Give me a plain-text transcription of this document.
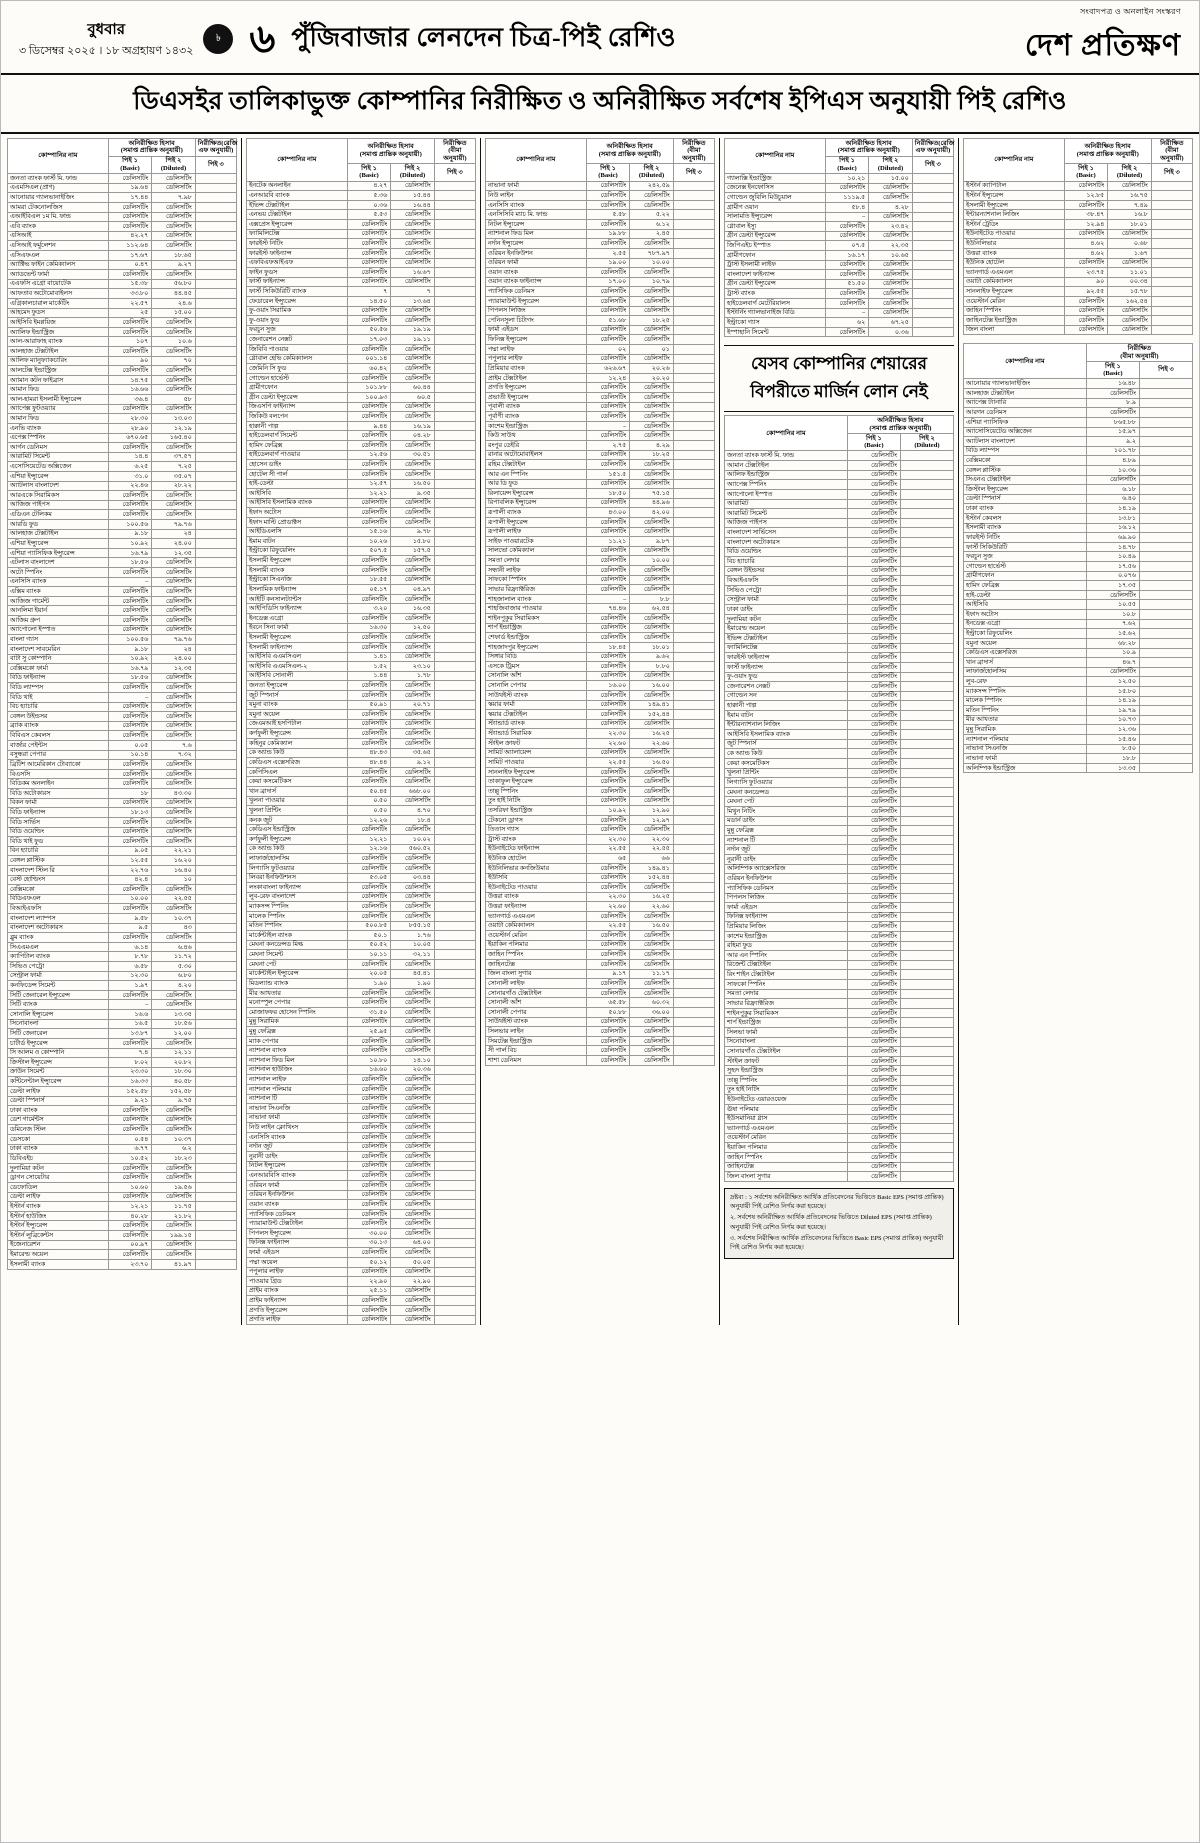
বুধবার
৩ ডিসেম্বর ২০২৫ । ১৮ অগ্রহায়ণ ১৪৩২
৳ ৬ পুঁজিবাজার লেনদেন চিত্র-পিই রেশিও
সংবাদপত্র ও অনলাইন সংস্করণ
দেশ প্রতিক্ষণ
ডিএসইর তালিকাভুক্ত কোম্পানির নিরীক্ষিত ও অনিরীক্ষিত সর্বশেষ ইপিএস অনুযায়ী পিই রেশিও
কোম্পানির নাম	অনিরীক্ষিত হিসাব
(সমাপ্ত প্রান্তিক অনুযায়ী)		নিরীক্ষিত(রেজি
এফ অনুযায়ী)
	পিই ১
(Basic)	পিই ২
(Diluted)	পিই ৩
জনতা ব্যাংক ফার্স্ট মি. ফান্ড	ডেলিসটিং	ডেলিসটিং	
এএমসিএল (প্রাণ)	১৯.৬৪	ডেলিসটিং	
আনোয়ার গ্যালভানাইজিং	১৭.৪৪	৭.৯৮	
আমরা টেকনোলজিস	ডেলিসটিং	ডেলিসটিং	
এআইবিএল ১ম মি. ফান্ড	ডেলিসটিং	ডেলিসটিং	
এবি ব্যাংক	ডেলিসটিং	ডেলিসটিং	
এসিআই	৪২.২৭	ডেলিসটিং	
এসিআই ফর্মুলেশন	১১২.৬৪	ডেলিসটিং	
এসিএফএল	১৭.৬৭	১৮.৬৫	
অ্যাক্টিভ ফাইন কেমিক্যালস	০.৪৭	৯.২৭	
অ্যাডভেন্ট ফার্মা	ডেলিসটিং	ডেলিসটিং	
এএফসি এগ্রো বায়োটেক	১৫.৩৮	৫৬.৮০	
আফতাব অটোমোবাইলস	৩৩.৮০	৪৪.৪৫	
এগ্রিকালচারাল মার্কেটিং	২২.৫৭	২৪.৬	
আহমেদ ফুডস	২৫	১৫.০০	
আইসিবি ইমপ্লয়িজ	ডেলিসটিং	ডেলিসটিং	
অ্যালিফ ইন্ডাস্ট্রিজ	ডেলিসটিং	ডেলিসটিং	
আল-আরাফাহ ব্যাংক	১০৭	১০.৬	
আলহাজ টেক্সটাইল	ডেলিসটিং	ডেলিসটিং	
আলিফ ম্যানুফ্যাকচারিং	৯০	৭০	
আলটেক্স ইন্ডাস্ট্রিজ	ডেলিসটিং	ডেলিসটিং	
অ্যামান কটন ফাইব্রাস	১৪.৭৫	ডেলিসটিং	
আমান ফিড	১৬.৬৬	ডেলিসটিং	
আল-হামরা ইসলামী ইন্স্যুরেন্স	৩৬.৪	৫৮	
অ্যাপেক্স ফুটওয়্যার	ডেলিসটিং	ডেলিসটিং	
আমান ফিড	২৮.৩০	১৩.০৩	
এনভি ব্যাংক	২৮.৯০	১২.১৯	
এপেক্স স্পিনিং	৬৭০.৬৫	১৬৫.৪০	
আর্গন ডেনিমস	ডেলিসটিং	ডেলিসটিং	
আরামিট সিমেন্ট	১৪.৪	৩৭.৫৭	
এসোসিয়েটেড অক্সিজেন	৬.২৫	৭.২৫	
এশিয়া ইন্স্যুরেন্স	৩১.০	৩৫.০৭	
অ্যাটলাস বাংলাদেশ	২২.৪৬	২৮.২২	
আরএকে সিরামিকস	ডেলিসটিং	ডেলিসটিং	
আজিজ পাইপস	ডেলিসটিং	ডেলিসটিং	
এডিএন টেলিকম	ডেলিসটিং	ডেলিসটিং	
আরডি ফুড	১০০.৫৬	৭৯.৭৬	
আলহাজ টেক্সটাইল	৯.১৮	২৪	
এশিয়া ইন্স্যুরেন্স	১০.৯২	২৪.০০	
এশিয়া প্যাসিফিক ইন্স্যুরেন্স	১৬.৭৯	১২.৩৫	
এটলাস বাংলাদেশ	১৮.৫৬	ডেলিসটিং	
অটো স্পিনিং	ডেলিসটিং	ডেলিসটিং	
এনসিসি ব্যাংক	–	ডেলিসটিং	
এক্সিম ব্যাংক	ডেলিসটিং	ডেলিসটিং	
আজিজ গার্মেন্ট	ডেলিসটিং	ডেলিসটিং	
আনলিমা ইয়ার্ন	ডেলিসটিং	ডেলিসটিং	
আজিম গ্রুপ	ডেলিসটিং	ডেলিসটিং	
অ্যাপোলো ইস্পাত	ডেলিসটিং	ডেলিসটিং	
বাংলা গ্যাস	১০০.৫৬	৭৯.৭৬	
বাংলাদেশ সাবমেরিন	৯.১৮	২৪	
বাটা সু কোম্পানি	১০.৯২	২৪.০০	
বেক্সিমকো ফার্মা	১৬.৭৯	১২.৩৫	
বিডি ফাইন্যান্স	১৮.৫৬	ডেলিসটিং	
বিডি ল্যাম্পস	ডেলিসটিং	ডেলিসটিং	
বিডি থাই	–	ডেলিসটিং	
বিচ হ্যাচারি	ডেলিসটিং	ডেলিসটিং	
বেঙ্গল উইন্ডসর	ডেলিসটিং	ডেলিসটিং	
ব্র্যাক ব্যাংক	ডেলিসটিং	ডেলিসটিং	
বিবিএস কেবলস	ডেলিসটিং	ডেলিসটিং	
বার্জার পেইন্টস	০.০৫	৭.৬	
বসুন্ধরা পেপার	১০.১৪	৭.৩২	
ব্রিটিশ আমেরিকান টোব্যাকো	ডেলিসটিং	ডেলিসটিং	
বিএসসি	ডেলিসটিং	ডেলিসটিং	
বিডিকম অনলাইন	ডেলিসটিং	ডেলিসটিং	
বিডি অটোকারস	১৮	৪৩.৩০	
বিকন ফার্মা	ডেলিসটিং	ডেলিসটিং	
বিডি ফাইন্যান্স	১৮.১৩	ডেলিসটিং	
বিডি সার্ভিস	ডেলিসটিং	ডেলিসটিং	
বিডি ওয়েল্ডিং	ডেলিসটিং	ডেলিসটিং	
বিডি থাই ফুড	ডেলিসটিং	ডেলিসটিং	
বিন হ্যাচারি	৯.০৫	২২.২১	
বেঙ্গল প্লাস্টিক	১২.৫৫	১৬.২০	
বাংলাদেশ স্টিল রি	২২.৭৬	১৬.৪০	
বেস্ট হোল্ডিংস	৪২.৪	১০	
বেক্সিমকো	ডেলিসটিং	ডেলিসটিং	
বিডিএফএল	১০.০০	২২.৫৫	
বিআইএফসি	ডেলিসটিং	ডেলিসটিং	
বাংলাদেশ ল্যাম্পস	৯.৫৮	১০.৩৭	
বাংলাদেশ অটোকারস	৯.৫	৪৩	
ব্লুম ব্যাংক	ডেলিসটিং	ডেলিসটিং	
সিএএমএল	৬.১৪	৬.৪৬	
ক্যাপিটাল ব্যাংক	৮.৭৮	১১.৭২	
সিভিও পেট্রো	৬.৫৮	৫.৩০	
সেন্ট্রাল ফার্মা	১২.৩০	৬.৮০	
কনফিডেন্স সিমেন্ট	১.৯৭	৪.২০	
সিটি জেনারেল ইন্স্যুরেন্স	ডেলিসটিং	ডেলিসটিং	
সিটি ব্যাংক	–	ডেলিসটিং	
সোনালি ইন্স্যুরেন্স	১৬.৬	১৩.৩৫	
সিনোবাংলা	১৬.৫	১৮.৫৬	
সিটি জেনারেল	১৩.৮৭	১২.০০	
চার্টার্ড ইন্স্যুরেন্স	ডেলিসটিং	ডেলিসটিং	
সি আলম ও কোম্পানি	৭.৪	১২.১১	
ক্রিস্টাল ইন্স্যুরেন্স	৮.০২	২০.৮২	
ক্রাউন সিমেন্ট	২৩.৩০	১৮.৩০	
কন্টিনেন্টাল ইন্স্যুরেন্স	১৬.৩৩	৪০.৫৮	
ডেল্টা লাইফ	১৫২.৫৮	১৫২.৫৮	
ডেল্টা স্পিনার্স	৯.২১	৯.৭৫	
ঢাকা ব্যাংক	ডেলিসটিং	ডেলিসটিং	
ডেশ গার্মেন্টস	ডেলিসটিং	ডেলিসটিং	
ডমিনেজ স্টিল	ডেলিসটিং	ডেলিসটিং	
ডেসকো	০.৫৪	১০.৩৭	
ঢাকা ব্যাংক	৬.৭৭	৬.২	
ডিবিএইচ	১০.৫২	১৮.২৩	
দুলামিয়া কটন	ডেলিসটিং	ডেলিসটিং	
ড্রাগন সোয়েটার	ডেলিসটিং	ডেলিসটিং	
ডেফোডিল	১০.৬০	১৯.৫৬	
ডেল্টা লাইফ	ডেলিসটিং	ডেলিসটিং	
ইস্টার্ন ব্যাংক	১২.২১	১১.৭৫	
ইস্টার্ন হাউজিং	৪০.২৮	২১.৮২	
ইস্টার্ন ইন্স্যুরেন্স	ডেলিসটিং	ডেলিসটিং	
ইস্টার্ন লুব্রিকেন্টস	ডেলিসটিং	১৯৯.১৫	
ইজেনারেশন	০০.৯৭	ডেলিসটিং	
ইমারেল্ড অয়েল	ডেলিসটিং	ডেলিসটিং	
ইসলামী ব্যাংক	২৩.৭০	৪১.৯৭	
কোম্পানির নাম	অনিরীক্ষিত হিসাব
(সমাপ্ত প্রান্তিক অনুযায়ী)		নিরীক্ষিত
(বীমা অনুযায়ী)
	পিই ১
(Basic)	পিই ২
(Diluted)	পিই ৩
ইনটেক অনলাইন	৪.২৭	ডেলিসটিং	
এনআরবি ব্যাংক	৫.৩৬	১৫.৪৪	
ইভিন্স টেক্সটাইল	০.৩৬	১৬.৪৪	
এনভয় টেক্সটাইল	৫.৫৩	ডেলিসটিং	
এক্সপ্রেস ইন্স্যুরেন্স	ডেলিসটিং	ডেলিসটিং	
ফ্যামিলিটেক্স	ডেলিসটিং	ডেলিসটিং	
ফারইস্ট নিটিং	ডেলিসটিং	ডেলিসটিং	
ফারইস্ট ফাইন্যান্স	ডেলিসটিং	ডেলিসটিং	
এফবিএফআইএফ	ডেলিসটিং	ডেলিসটিং	
ফাইন ফুডস	ডেলিসটিং	১৬.৬৭	
ফার্স্ট ফাইন্যান্স	ডেলিসটিং	ডেলিসটিং	
ফার্স্ট সিকিউরিটি ব্যাংক	৭	৭	
ফেডারেল ইন্স্যুরেন্স	১৪.৫০	১৩.৬৪	
ফু-ওয়াং সিরামিক	ডেলিসটিং	ডেলিসটিং	
ফু-ওয়াং ফুড	ডেলিসটিং	ডেলিসটিং	
ফরচুন সুজ	৫০.৫৬	১৯.১৯	
জেনারেশন নেক্সট	১৭.০৩	১৯.১১	
জিবিবি পাওয়ার	ডেলিসটিং	ডেলিসটিং	
গ্লোবাল হেভি কেমিক্যালস	০০১.১৪	ডেলিসটিং	
জেমিনি সি ফুড	৬০.৪২	ডেলিসটিং	
গোল্ডেন হার্ভেস্ট	ডেলিসটিং	ডেলিসটিং	
গ্রামীণফোন	১০১.৮৮	৬০.৪৪	
গ্রীন ডেল্টা ইন্স্যুরেন্স	১০০.৯৩	৬০.৫	
জিএসপি ফাইন্যান্স	ডেলিসটিং	ডেলিসটিং	
জিকিউ বলপেন	ডেলিসটিং	ডেলিসটিং	
হাক্কানী পাল্প	৯.৪৪	১৬.১৯	
হাইডেলবার্গ সিমেন্ট	ডেলিসটিং	০৪.২৮	
হামিদ ফেব্রিক্স	ডেলিসটিং	ডেলিসটিং	
হাইডেলবার্গ পাওয়ার	১২.৫৬	৩০.৫১	
হোসেন ডাইং	ডেলিসটিং	ডেলিসটিং	
হোটেল সী পার্ল	ডেলিসটিং	ডেলিসটিং	
হাই-ডেল্টা	১২.৫৭	১৬.৫০	
আইসিবি	১২.২১	৯.৩৫	
আইসিবি ইসলামিক ব্যাংক	ডেলিসটিং	ডেলিসটিং	
ইফাদ অটোস	ডেলিসটিং	ডেলিসটিং	
ইফাদ মাল্টি প্রোডাক্টস	ডেলিসটিং	ডেলিসটিং	
আইডিএলসি	১৫.১৬	৯.৭৮	
ইমাম বাটন	১০.২৬	১৫.৮০	
ইন্ট্রাকো রিফুয়েলিং	৫০৭.৫	১৫৭.৫	
ইসলামী ইন্স্যুরেন্স	ডেলিসটিং	ডেলিসটিং	
ইসলামী ব্যাংক	ডেলিসটিং	ডেলিসটিং	
ইন্ট্রাকো সিএনজি	১৮.৫৫	ডেলিসটিং	
ইসলামিক ফাইন্যান্স	০৫.১৭	০৪.৯৭	
আইটি কনসালট্যান্টস	ডেলিসটিং	ডেলিসটিং	
আইপিডিসি ফাইন্যান্স	৩.২০	১৬.৩৫	
ইনডেক্স এগ্রো	ডেলিসটিং	ডেলিসটিং	
ইবনে সিনা ফার্মা	১৬.৩০	১২.৫০	
ইসলামী ইন্স্যুরেন্স	ডেলিসটিং	ডেলিসটিং	
ইসলামী ফাইন্যান্স	ডেলিসটিং	ডেলিসটিং	
আইসিবি এএমসিএল	১.৪১	ডেলিসটিং	
আইসিবি এএমসিএল-২	১.৫২	২৩.১০	
আইসিবি সোনালী	১.৪৪	১.৭৮	
জনতা ইন্স্যুরেন্স	ডেলিসটিং	ডেলিসটিং	
জুট স্পিনার্স	ডেলিসটিং	ডেলিসটিং	
যমুনা ব্যাংক	৫০.৯১	২০.৭১	
যমুনা অয়েল	ডেলিসটিং	ডেলিসটিং	
জেএমআই হসপিটাল	ডেলিসটিং	ডেলিসটিং	
কর্ণফুলী ইন্স্যুরেন্স	ডেলিসটিং	ডেলিসটিং	
কহিনুর কেমিক্যাল	ডেলিসটিং	ডেলিসটিং	
কে অ্যান্ড কিউ	৪৮.৪৩	৩৫.৬৫	
কেডিএস এক্সেসরিজ	৪৮.৪৪	৯.১২	
কেপিসিএল	ডেলিসটিং	ডেলিসটিং	
কেয়া কসমেটিকস	ডেলিসটিং	ডেলিসটিং	
খান ব্রাদার্স	৫০.৪৫	৬৬৮.০০	
খুলনা পাওয়ার	০.৫০	ডেলিসটিং	
খুলনা প্রিন্টিং	০.৫০	৪.৭০	
কনক জুট	১২.২৬	১৮.৪	
কেডিএস ইন্ডাস্ট্রিজ	ডেলিসটিং	ডেলিসটিং	
কর্ণফুলী ইন্স্যুরেন্স	১২.২১	১০.০২	
কে অ্যান্ড কিউ	১২.১৬	৫৬০.৫২	
লাফার্জহোলসিম	ডেলিসটিং	ডেলিসটিং	
লিগ্যাসি ফুটওয়্যার	ডেলিসটিং	ডেলিসটিং	
লিবরা ইনফিউশনস	৫৩.০৫	০৩.৪৪	
লংকাবাংলা ফাইন্যান্স	ডেলিসটিং	ডেলিসটিং	
লুব-রেফ বাংলাদেশ	ডেলিসটিং	ডেলিসটিং	
ম্যাকসন্স স্পিনিং	ডেলিসটিং	ডেলিসটিং	
মালেক স্পিনিং	ডেলিসটিং	ডেলিসটিং	
মতিন স্পিনিং	৫০০.৮৫	৮৫৫.১৫	
মার্কেন্টাইল ব্যাংক	৫০.১	১.৭৬	
মেঘনা কনডেন্সড মিল্ক	৫০.৫২	১০.০৫	
মেঘনা সিমেন্ট	১০.১১	৩২.১১	
মেঘনা পেট	ডেলিসটিং	ডেলিসটিং	
মার্কেন্টাইল ইন্স্যুরেন্স	২০.০৫	৪৫.৪১	
মিডল্যান্ড ব্যাংক	১.৯০	১.৯০	
মীর আখতার	ডেলিসটিং	ডেলিসটিং	
মনোস্পুল পেপার	ডেলিসটিং	ডেলিসটিং	
মোজাফফর হোসেন স্পিনিং	৩১.৫০	ডেলিসটিং	
মুন্নু সিরামিক	ডেলিসটিং	ডেলিসটিং	
মুন্নু ফেব্রিক্স	২৫.৯৫	ডেলিসটিং	
ম্যাক পেপার	ডেলিসটিং	ডেলিসটিং	
ন্যাশনাল ব্যাংক	ডেলিসটিং	ডেলিসটিং	
ন্যাশনাল ফিড মিল	১০.৮০	১৪.১০	
ন্যাশনাল হাউজিং	১৬.৬০	২০.৩৬	
ন্যাশনাল লাইফ	ডেলিসটিং	ডেলিসটিং	
ন্যাশনাল পলিমার	ডেলিসটিং	ডেলিসটিং	
ন্যাশনাল টি	ডেলিসটিং	ডেলিসটিং	
নাভানা সিএনজি	ডেলিসটিং	ডেলিসটিং	
নাভানা ফার্মা	ডেলিসটিং	ডেলিসটিং	
নিউ লাইন ক্লোথিংস	ডেলিসটিং	ডেলিসটিং	
এনসিসি ব্যাংক	ডেলিসটিং	ডেলিসটিং	
নর্দান জুট	ডেলিসটিং	ডেলিসটিং	
নুরানী ডাইং	ডেলিসটিং	ডেলিসটিং	
নিটল ইন্স্যুরেন্স	ডেলিসটিং	ডেলিসটিং	
এনআরবিসি ব্যাংক	ডেলিসটিং	ডেলিসটিং	
ওরিয়ন ফার্মা	ডেলিসটিং	ডেলিসটিং	
ওরিয়ন ইনফিউশন	ডেলিসটিং	ডেলিসটিং	
ওয়ান ব্যাংক	ডেলিসটিং	ডেলিসটিং	
প্যাসিফিক ডেনিমস	ডেলিসটিং	ডেলিসটিং	
প্যারামাউন্ট টেক্সটাইল	ডেলিসটিং	ডেলিসটিং	
পিপলস ইন্স্যুরেন্স	৩০.০০	ডেলিসটিং	
ফিনিক্স ফাইন্যান্স	৩০.১৩	৬৪.০০	
ফার্মা এইডস	ডেলিসটিং	ডেলিসটিং	
পদ্মা অয়েল	৫০.১২	৫০.০৫	
পপুলার লাইফ	ডেলিসটিং	ডেলিসটিং	
পাওয়ার গ্রিড	২২.৯০	২২.৯০	
প্রাইম ব্যাংক	২৫.১১	ডেলিসটিং	
প্রাইম ফাইন্যান্স	ডেলিসটিং	ডেলিসটিং	
প্রগতি ইন্স্যুরেন্স	ডেলিসটিং	ডেলিসটিং	
প্রগতি লাইফ	ডেলিসটিং	ডেলিসটিং	
কোম্পানির নাম	অনিরীক্ষিত হিসাব
(সমাপ্ত প্রান্তিক অনুযায়ী)		নিরীক্ষিত
(বীমা অনুযায়ী)
	পিই ১
(Basic)	পিই ২
(Diluted)	পিই ৩
নাভানা ফার্মা	ডেলিসটিং	২৪২.৫৯	
নিউ লাইন	ডেলিসটিং	ডেলিসটিং	
এনসিসি ব্যাংক	ডেলিসটিং	ডেলিসটিং	
এনসিসিবি ম্যাচ মি. ফান্ড	৫.৫৮	৫.২২	
নিটল ইন্স্যুরেন্স	ডেলিসটিং	৬.১২	
ন্যাশনাল ফিড মিল	১৯.৮৮	২.৪৫	
নর্দান ইন্স্যুরেন্স	ডেলিসটিং	ডেলিসটিং	
ওরিয়ন ইনফিউশন	২.৫৫	৭৮৭.৯৭	
ওরিয়ন ফার্মা	১৯.০০	১০.০০	
ওয়ান ব্যাংক	ডেলিসটিং	ডেলিসটিং	
ওয়ান ব্যাংক ফাইন্যান্স	১৭.০০	১০.৭৯	
প্যাসিফিক ডেনিমস	ডেলিসটিং	ডেলিসটিং	
প্যারামাউন্ট ইন্স্যুরেন্স	ডেলিসটিং	ডেলিসটিং	
পিপলস লিজিং	ডেলিসটিং	ডেলিসটিং	
পেনিনসুলা চিটাগং	৫১.৬৮	১৮.২৫	
ফার্মা এইডস	ডেলিসটিং	ডেলিসটিং	
ফিনিক্স ইন্স্যুরেন্স	ডেলিসটিং	ডেলিসটিং	
পদ্মা লাইফ	০২	০১	
পপুলার লাইফ	ডেলিসটিং	ডেলিসটিং	
প্রিমিয়ার ব্যাংক	৬২৬.৬৭	২০.২৬	
প্রাইম টেক্সটাইল	১২.২৪	২০.২০	
প্রগতি ইন্স্যুরেন্স	ডেলিসটিং	ডেলিসটিং	
প্রভাতী ইন্স্যুরেন্স	ডেলিসটিং	ডেলিসটিং	
পূবালী ব্যাংক	ডেলিসটিং	ডেলিসটিং	
পূর্বাণী ব্যাংক	ডেলিসটিং	ডেলিসটিং	
কাশেম ইন্ডাস্ট্রিজ	–	ডেলিসটিং	
কিউ সাউথ	ডেলিসটিং	ডেলিসটিং	
রংপুর ডেইরি	২.৭৫	৪.২৯	
রানার অটোমোবাইলস	ডেলিসটিং	১৮.২৫	
রহিম টেক্সটাইল	ডেলিসটিং	ডেলিসটিং	
আর এন স্পিনিং	১৫১.৫	ডেলিসটিং	
আর ডি ফুড	ডেলিসটিং	ডেলিসটিং	
রিলায়েন্স ইন্স্যুরেন্স	১৮.৫০	৭৫.১৫	
রিপাবলিক ইন্স্যুরেন্স	ডেলিসটিং	৪৪.৯৬	
রূপালী ব্যাংক	৪৩.০০	৪২.০০	
রূপালী ইন্স্যুরেন্স	ডেলিসটিং	ডেলিসটিং	
রূপালী লাইফ	ডেলিসটিং	ডেলিসটিং	
সাইফ পাওয়ারটেক	১১.২১	৯.৮৭	
সালভো কেমিক্যাল	ডেলিসটিং	ডেলিসটিং	
সমতা লেদার	ডেলিসটিং	১০.০০	
সন্ধানী লাইফ	ডেলিসটিং	ডেলিসটিং	
সাফকো স্পিনিং	ডেলিসটিং	ডেলিসটিং	
সাভার রিফ্র্যাক্টরিজ	ডেলিসটিং	ডেলিসটিং	
শাহজালাল ব্যাংক	–	৮.৮	
শাহজিবাজার পাওয়ার	৭৪.৪৬	৬২.৫৪	
শাইনপুকুর সিরামিকস	ডেলিসটিং	ডেলিসটিং	
শার্প ইন্ডাস্ট্রিজ	ডেলিসটিং	ডেলিসটিং	
শেফার্ড ইন্ডাস্ট্রিজ	ডেলিসটিং	ডেলিসটিং	
শাহজাদপুর ইন্স্যুরেন্স	১৮.৪৫	১৮.০১	
সিঙ্গার বিডি	ডেলিসটিং	৯.৬২	
এসকে ট্রিমস	ডেলিসটিং	৮.৮০	
সোনালি আঁশ	ডেলিসটিং	ডেলিসটিং	
সোনালি পেপার	১৬.০০	১৬.০০	
সাউথইস্ট ব্যাংক	ডেলিসটিং	ডেলিসটিং	
স্কয়ার ফার্মা	ডেলিসটিং	১৪৯.৪১	
স্কয়ার টেক্সটাইল	ডেলিসটিং	১৫২.৪৪	
স্ট্যান্ডার্ড ব্যাংক	ডেলিসটিং	ডেলিসটিং	
স্ট্যান্ডার্ড সিরামিক	২২.৩০	১৬.২৫	
স্টাইল ক্রাফট	২২.৬০	২২.৬০	
সামিট অ্যালায়েন্স	ডেলিসটিং	ডেলিসটিং	
সামিট পাওয়ার	২২.৫৫	১৬.৫০	
সানলাইফ ইন্স্যুরেন্স	ডেলিসটিং	ডেলিসটিং	
তাকাফুল ইন্স্যুরেন্স	ডেলিসটিং	ডেলিসটিং	
তাল্লু স্পিনিং	ডেলিসটিং	ডেলিসটিং	
তুং হাই নিটিং	ডেলিসটিং	ডেলিসটিং	
তসরিফা ইন্ডাস্ট্রিজ	১০.৯২	১২.৯০	
টেকনো ড্রাগস	ডেলিসটিং	১২.৯৭	
তিতাস গ্যাস	ডেলিসটিং	ডেলিসটিং	
ট্রাস্ট ব্যাংক	২২.৩০	২২.৩০	
ইউনাইটেড ফাইন্যান্স	২২.৫৫	২২.৫৫	
ইউনিক হোটেল	৬৫	৬৬	
ইউনিলিভার কনজিউমার	ডেলিসটিং	১৪৯.৪১	
ইউসিবি	ডেলিসটিং	১৫২.৪৪	
ইউনাইটেড পাওয়ার	ডেলিসটিং	ডেলিসটিং	
উত্তরা ব্যাংক	২২.৩০	১৬.২৫	
উত্তরা ফাইন্যান্স	২২.৬০	২২.৬০	
ভ্যানগার্ড এএমএল	ডেলিসটিং	ডেলিসটিং	
ওয়াটা কেমিক্যালস	২২.৫৫	১৬.৫০	
ওয়েস্টার্ন মেরিন	ডেলিসটিং	ডেলিসটিং	
ইয়াকিন পলিমার	ডেলিসটিং	ডেলিসটিং	
জাহিন স্পিনিং	ডেলিসটিং	ডেলিসটিং	
জাহিনটেক্স	ডেলিসটিং	ডেলিসটিং	
জিল বাংলা সুগার	৯.১৭	১১.১৭	
সোনালী লাইফ	ডেলিসটিং	ডেলিসটিং	
সোনারগাঁও টেক্সটাইল	ডেলিসটিং	ডেলিসটিং	
সোনালী আঁশ	৬৫.৫৮	৬০.৩২	
সোনালী পেপার	৫০.৮৮	৩৬.০০	
সাউথইস্ট ব্যাংক	ডেলিসটিং	ডেলিসটিং	
সিলভার লাইন	ডেলিসটিং	ডেলিসটিং	
সিমটেক্স ইন্ডাস্ট্রিজ	ডেলিসটিং	ডেলিসটিং	
সী পার্ল বিচ	ডেলিসটিং	ডেলিসটিং	
শাশা ডেনিমস	ডেলিসটিং	ডেলিসটিং	
কোম্পানির নাম	অনিরীক্ষিত হিসাব
(সমাপ্ত প্রান্তিক অনুযায়ী)		নিরীক্ষিত(রেজি
এফ অনুযায়ী)
	পিই ১
(Basic)	পিই ২
(Diluted)	পিই ৩
গ্যালাক্সি ইন্ডাস্ট্রিজ	১০.২১	১৫.০০	
জেনেক্স ইনফোসিস	ডেলিসটিং	ডেলিসটিং	
গোল্ডেন জুবিলি মিউচুয়াল	১১১৯.৫	ডেলিসটিং	
গ্রামীণ ওয়ান	৫৮.৪	৪.২৮	
সালামতি ইন্স্যুরেন্স	–	ডেলিসটিং	
গ্লোবাল ইস্যু	ডেলিসটিং	২৩.৪২	
গ্রীন ডেল্টা ইন্স্যুরেন্স	ডেলিসটিং	ডেলিসটিং	
জিপিএইচ ইস্পাত	০৭.৫	২২.৩৫	
গ্রামীণফোন	১৬.১৭	১০.৬৫	
ট্রাস্ট ইসলামী লাইফ	ডেলিসটিং	ডেলিসটিং	
বাংলাদেশ ফাইন্যান্স	ডেলিসটিং	ডেলিসটিং	
গ্রীন ডেল্টা ইন্স্যুরেন্স	৫১.৫০	ডেলিসটিং	
ট্রাস্ট ব্যাংক	ডেলিসটিং	ডেলিসটিং	
হাইডেলবার্গ মেটেরিয়ালস	ডেলিসটিং	ডেলিসটিং	
ইস্টার্নিং গ্যালভানাইজ বিডি	–	ডেলিসটিং	
ইন্ট্রাকো গ্যাস	৬২	৬৭.২৫	
ইস্পাহানি সিমেন্ট	ডেলিসটিং	০.৩৬	
যেসব কোম্পানির শেয়ারের বিপরীতে মার্জিন লোন নেই
কোম্পানির নাম	অনিরীক্ষিত হিসাব
(সমাপ্ত প্রান্তিক অনুযায়ী)	
	পিই ১
(Basic)	পিই ২
(Diluted)
জনতা ব্যাংক ফার্স্ট মি. ফান্ড	ডেলিসটিং	
আমান টেক্সটাইল	ডেলিসটিং	
আলিফ ইন্ডাস্ট্রিজ	ডেলিসটিং	
অ্যাপেক্স স্পিনিং	ডেলিসটিং	
অ্যাপোলো ইস্পাত	ডেলিসটিং	
আরামিট	ডেলিসটিং	
আরামিট সিমেন্ট	ডেলিসটিং	
আজিজ পাইপস	ডেলিসটিং	
বাংলাদেশ সার্ভিসেস	ডেলিসটিং	
বাংলাদেশ অটোকারস	ডেলিসটিং	
বিডি ওয়েল্ডিং	ডেলিসটিং	
বিচ হ্যাচারি	ডেলিসটিং	
বেঙ্গল উইন্ডসর	ডেলিসটিং	
বিআইএফসি	ডেলিসটিং	
সিভিও পেট্রো	ডেলিসটিং	
সেন্ট্রাল ফার্মা	ডেলিসটিং	
ঢাকা ডাইং	ডেলিসটিং	
দুলামিয়া কটন	ডেলিসটিং	
ইমারেল্ড অয়েল	ডেলিসটিং	
ইভিন্স টেক্সটাইল	ডেলিসটিং	
ফ্যামিলিটেক্স	ডেলিসটিং	
ফারইস্ট ফাইন্যান্স	ডেলিসটিং	
ফার্স্ট ফাইন্যান্স	ডেলিসটিং	
ফু-ওয়াং ফুড	ডেলিসটিং	
জেনারেশন নেক্সট	ডেলিসটিং	
গোল্ডেন সন	ডেলিসটিং	
হাক্কানী পাল্প	ডেলিসটিং	
ইমাম বাটন	ডেলিসটিং	
ইন্টারন্যাশনাল লিজিং	ডেলিসটিং	
আইসিবি ইসলামিক ব্যাংক	ডেলিসটিং	
জুট স্পিনার্স	ডেলিসটিং	
কে অ্যান্ড কিউ	ডেলিসটিং	
কেয়া কসমেটিকস	ডেলিসটিং	
খুলনা প্রিন্টিং	ডেলিসটিং	
লিগ্যাসি ফুটওয়্যার	ডেলিসটিং	
মেঘনা কনডেন্সড	ডেলিসটিং	
মেঘনা পেট	ডেলিসটিং	
মিথুন নিটিং	ডেলিসটিং	
মডার্ন ডাইং	ডেলিসটিং	
মুন্নু ফেব্রিক্স	ডেলিসটিং	
ন্যাশনাল টি	ডেলিসটিং	
নর্দান জুট	ডেলিসটিং	
নুরানী ডাইং	ডেলিসটিং	
অলিম্পিক অ্যাক্সেসরিজ	ডেলিসটিং	
ওরিয়ন ইনফিউশন	ডেলিসটিং	
প্যাসিফিক ডেনিমস	ডেলিসটিং	
পিপলস লিজিং	ডেলিসটিং	
ফার্মা এইডস	ডেলিসটিং	
ফিনিক্স ফাইন্যান্স	ডেলিসটিং	
প্রিমিয়ার লিজিং	ডেলিসটিং	
কাশেম ইন্ডাস্ট্রিজ	ডেলিসটিং	
রহিমা ফুড	ডেলিসটিং	
আর এন স্পিনিং	ডেলিসটিং	
রিজেন্ট টেক্সটাইল	ডেলিসটিং	
রিং শাইন টেক্সটাইল	ডেলিসটিং	
সাফকো স্পিনিং	ডেলিসটিং	
সমতা লেদার	ডেলিসটিং	
সাভার রিফ্র্যাক্টরিজ	ডেলিসটিং	
শাইনপুকুর সিরামিকস	ডেলিসটিং	
শার্প ইন্ডাস্ট্রিজ	ডেলিসটিং	
সিলভা ফার্মা	ডেলিসটিং	
সিনোবাংলা	ডেলিসটিং	
সোনারগাঁও টেক্সটাইল	ডেলিসটিং	
স্টাইল ক্রাফট	ডেলিসটিং	
সুহৃদ ইন্ডাস্ট্রিজ	ডেলিসটিং	
তাল্লু স্পিনিং	ডেলিসটিং	
তুং হাই নিটিং	ডেলিসটিং	
ইউনাইটেড এয়ারওয়েজ	ডেলিসটিং	
ঊষা পলিমার	ডেলিসটিং	
ইউসমানিয়া গ্লাস	ডেলিসটিং	
ভ্যানগার্ড এএমএল	ডেলিসটিং	
ওয়েস্টার্ন মেরিন	ডেলিসটিং	
ইয়াকিন পলিমার	ডেলিসটিং	
জাহিন স্পিনিং	ডেলিসটিং	
জাহিনটেক্স	ডেলিসটিং	
জিল বাংলা সুগার	ডেলিসটিং	
দ্রষ্টব্য : ১ সর্বশেষ অনিরীক্ষিত আর্থিক প্রতিবেদনের ভিত্তিতে Basic EPS (সমাপ্ত প্রান্তিক) অনুযায়ী পিই রেশিও নির্ণয় করা হয়েছে।
২. সর্বশেষ অনিরীক্ষিত আর্থিক প্রতিবেদনের ভিত্তিতে Diluted EPS (সমাপ্ত প্রান্তিক) অনুযায়ী পিই রেশিও নির্ণয় করা হয়েছে।
৩. সর্বশেষ নিরীক্ষিত আর্থিক প্রতিবেদনের ভিত্তিতে Basic EPS (সমাপ্ত প্রান্তিক) অনুযায়ী পিই রেশিও নির্ণয় করা হয়েছে।
কোম্পানির নাম	অনিরীক্ষিত হিসাব
(সমাপ্ত প্রান্তিক অনুযায়ী)		নিরীক্ষিত
(বীমা অনুযায়ী)
	পিই ১
(Basic)	পিই ২
(Diluted)	পিই ৩
ইস্টার্ন ক্যাপিটাল	ডেলিসটিং	ডেলিসটিং	
ইস্টার্ন ইন্স্যুরেন্স	১২.৮৫	১৬.৭৫	
ইসলামী ইন্স্যুরেন্স	ডেলিসটিং	৭.৪৯	
ইন্টারন্যাশনাল লিজিং	৩৮.৪৭	১৬.৮	
ইস্টার্ন ট্রেডিং	১২.৯৪	১৮.০১	
ইউনাইটেড পাওয়ার	ডেলিসটিং	ডেলিসটিং	
ইউনিলিভার	৪.৬২	০.৬৮	
উত্তরা ব্যাংক	৪.৬২	১.৬৭	
ইউনিক হোটেল	ডেলিসটিং	ডেলিসটিং	
ভ্যানগার্ড এএমএল	২৩.৭৫	১১.০১	
ওয়াটা কেমিক্যালস	৯০	০০.৩৪	
সানলাইফ ইন্স্যুরেন্স	৯২.৫৫	১৫.৭৮	
ওয়েস্টার্ন মেরিন	ডেলিসটিং	১৬২.৫৪	
জাহিন স্পিনিং	ডেলিসটিং	ডেলিসটিং	
জাহিনটেক্স ইন্ডাস্ট্রিজ	ডেলিসটিং	ডেলিসটিং	
জিল বাংলা	ডেলিসটিং	ডেলিসটিং	
কোম্পানির নাম	নিরীক্ষিত
(বীমা অনুযায়ী)	
	পিই ১
(Basic)	পিই ৩
আনোয়ার গ্যালভানাইজিং	১৬.৪৮	
আলহাজ টেক্সটাইল	ডেলিসটিং	
অ্যাপেক্স ট্যানারি	৮.৯	
আরগন ডেনিমস	ডেলিসটিং	
এশিয়া প্যাসিফিক	৮৬৫.৮৮	
অ্যাসোসিয়েটেড অক্সিজেন	১৫.৯৭	
অ্যাটলাস বাংলাদেশ	৯.২	
বিডি ল্যাম্পস	১০১.৭৮	
বেক্সিমকো	৪.৮৯	
বেঙ্গল প্লাস্টিক	১০.৩৬	
সিএনএ টেক্সটাইল	ডেলিসটিং	
ক্রিস্টাল ইন্স্যুরেন্স	৬.১৮	
ডেল্টা স্পিনার্স	৬.৪০	
ঢাকা ব্যাংক	১৪.১৯	
ইস্টার্ন কেবলস	১৩.৮১	
ইসলামী ব্যাংক	১৬.১২	
ফারইস্ট নিটিং	৬৯.৯০	
ফার্স্ট সিকিউরিটি	১৪.৭৮	
ফরচুন সুজ	১০.৪৯	
গোল্ডেন হার্ভেস্ট	১৭.৫৬	
গ্রামীণফোন	০.০৭৬	
হামিদ ফেব্রিক্স	১৭.৩৫	
হাই-ডেল্টা	ডেলিসটিং	
আইসিবি	১০.৫৫	
ইফাদ অটোস	১০.৮	
ইনডেক্স এগ্রো	৭.৬২	
ইন্ট্রাকো রিফুয়েলিং	১৫.৬২	
যমুনা অয়েল	৬৮.২৮	
কেডিএস এক্সেসরিজ	১০.৯	
খান ব্রাদার্স	৪৬.৭	
লাফার্জহোলসিম	ডেলিসটিং	
লুব-রেফ	১২.৫০	
ম্যাকসন্স স্পিনিং	১৫.৮০	
মালেক স্পিনিং	১৪.১৯	
মতিন স্পিনিং	১৯.৭৯	
মীর আখতার	১০.৭৩	
মুন্নু সিরামিক	১২.৩৬	
ন্যাশনাল পলিমার	১৫.৪৬	
নাভানা সিএনজি	৮.৫০	
নাভানা ফার্মা	১৮.৮	
অলিম্পিক ইন্ডাস্ট্রিজ	১৩.৩৫	
